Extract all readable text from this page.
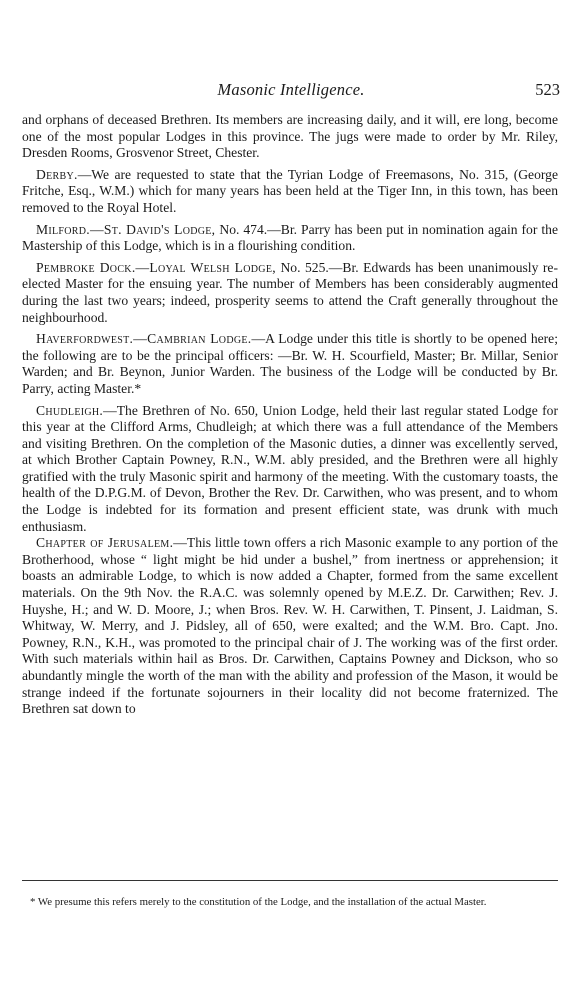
Masonic Intelligence.	523

and orphans of deceased Brethren. Its members are increasing daily, and it will, ere long, become one of the most popular Lodges in this province. The jugs were made to order by Mr. Riley, Dresden Rooms, Grosvenor Street, Chester.

Derby.—We are requested to state that the Tyrian Lodge of Freemasons, No. 315, (George Fritche, Esq., W.M.) which for many years has been held at the Tiger Inn, in this town, has been removed to the Royal Hotel.

Milford.—St. David's Lodge, No. 474.—Br. Parry has been put in nomination again for the Mastership of this Lodge, which is in a flourishing condition.

Pembroke Dock.—Loyal Welsh Lodge, No. 525.—Br. Edwards has been unanimously re-elected Master for the ensuing year. The number of Members has been considerably augmented during the last two years; indeed, prosperity seems to attend the Craft generally throughout the neighbourhood.

Haverfordwest.—Cambrian Lodge.—A Lodge under this title is shortly to be opened here; the following are to be the principal officers: —Br. W. H. Scourfield, Master; Br. Millar, Senior Warden; and Br. Beynon, Junior Warden. The business of the Lodge will be conducted by Br. Parry, acting Master.*

Chudleigh.—The Brethren of No. 650, Union Lodge, held their last regular stated Lodge for this year at the Clifford Arms, Chudleigh; at which there was a full attendance of the Members and visiting Brethren. On the completion of the Masonic duties, a dinner was excellently served, at which Brother Captain Powney, R.N., W.M. ably presided, and the Brethren were all highly gratified with the truly Masonic spirit and harmony of the meeting. With the customary toasts, the health of the D.P.G.M. of Devon, Brother the Rev. Dr. Carwithen, who was present, and to whom the Lodge is indebted for its formation and present efficient state, was drunk with much enthusiasm.

Chapter of Jerusalem.—This little town offers a rich Masonic example to any portion of the Brotherhood, whose “ light might be hid under a bushel,” from inertness or apprehension; it boasts an admirable Lodge, to which is now added a Chapter, formed from the same excellent materials. On the 9th Nov. the R.A.C. was solemnly opened by M.E.Z. Dr. Carwithen; Rev. J. Huyshe, H.; and W. D. Moore, J.; when Bros. Rev. W. H. Carwithen, T. Pinsent, J. Laidman, S. Whitway, W. Merry, and J. Pidsley, all of 650, were exalted; and the W.M. Bro. Capt. Jno. Powney, R.N., K.H., was promoted to the principal chair of J. The working was of the first order. With such materials within hail as Bros. Dr. Carwithen, Captains Powney and Dickson, who so abundantly mingle the worth of the man with the ability and profession of the Mason, it would be strange indeed if the fortunate sojourners in their locality did not become fraternized. The Brethren sat down to

* We presume this refers merely to the constitution of the Lodge, and the installation of the actual Master.
